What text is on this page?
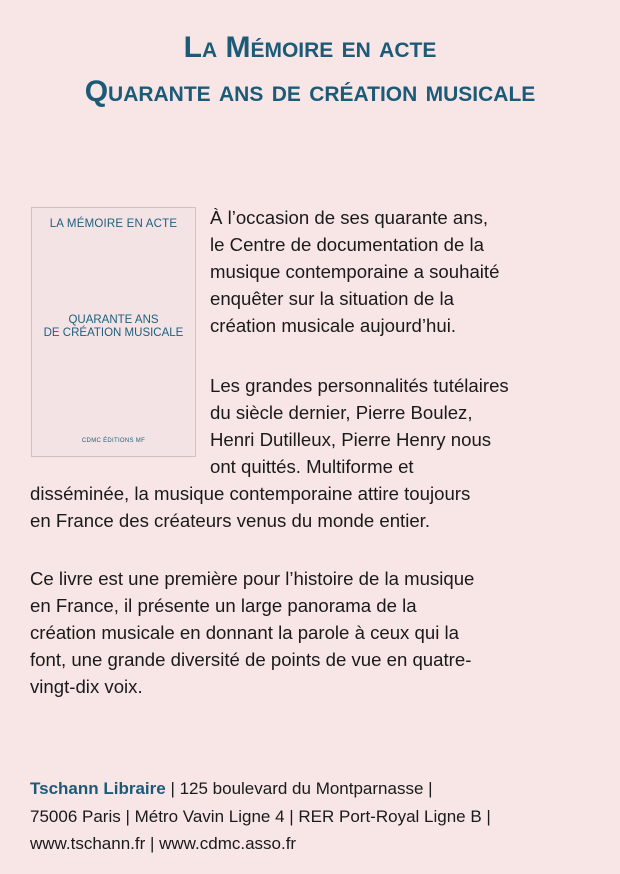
La Mémoire en acte
Quarante ans de création musicale
LA MÉMOIRE EN ACTE
QUARANTE ANS
DE CRÉATION MUSICALE
CDMC ÉDITIONS MF
À l’occasion de ses quarante ans,
le Centre de documentation de la
musique contemporaine a souhaité
enquêter sur la situation de la
création musicale aujourd’hui.
Les grandes personnalités tutélaires
du siècle dernier, Pierre Boulez,
Henri Dutilleux, Pierre Henry nous
ont quittés. Multiforme et
disséminée, la musique contemporaine attire toujours
en France des créateurs venus du monde entier.
Ce livre est une première pour l’histoire de la musique
en France, il présente un large panorama de la
création musicale en donnant la parole à ceux qui la
font, une grande diversité de points de vue en quatre-
vingt-dix voix.
Tschann Libraire | 125 boulevard du Montparnasse |
75006 Paris | Métro Vavin Ligne 4 | RER Port-Royal Ligne B |
www.tschann.fr | www.cdmc.asso.fr
